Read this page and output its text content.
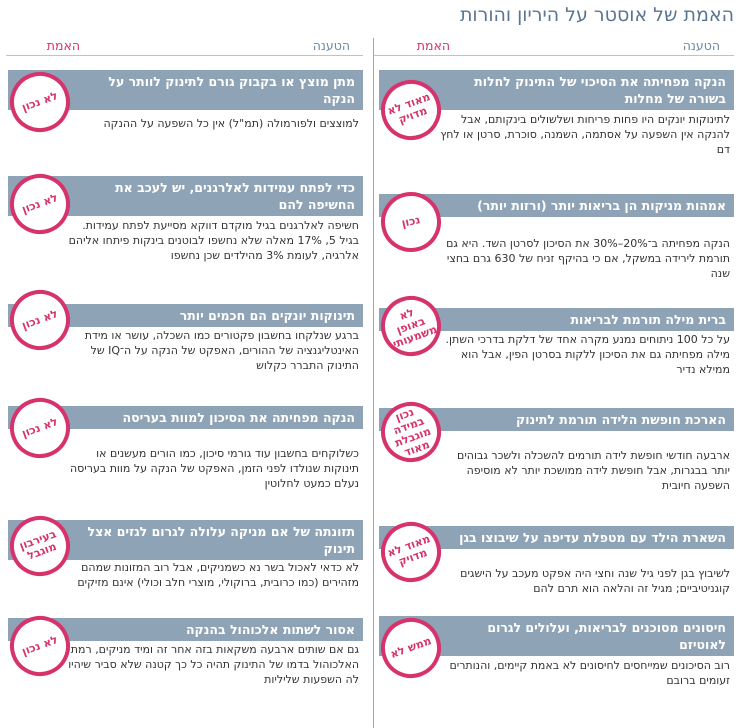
האמת של אוסטר על היריון והורות
הטענה
האמת
הטענה
האמת
הנקה מפחיתה את הסיכוי של התינוק לחלות בשורה של מחלות
לתינוקות יונקים היו פחות פריחות ושלשולים בינקותם, אבל להנקה אין השפעה על אסתמה, השמנה, סוכרת, סרטן או לחץ דם
מאוד לא מדויק
אמהות מניקות הן בריאות יותר (ורזות יותר)
הנקה מפחיתה ב־20%–30% את הסיכון לסרטן השד. היא גם תורמת לירידה במשקל, אם כי בהיקף זניח של 630 גרם בחצי שנה
נכון
ברית מילה תורמת לבריאות
על כל 100 ניתוחים נמנע מקרה אחד של דלקת בדרכי השתן. מילה מפחיתה גם את הסיכון ללקות בסרטן הפין, אבל הוא ממילא נדיר
לא באופן משמעותי
הארכת חופשת הלידה תורמת לתינוק
ארבעה חודשי חופשת לידה תורמים להשכלה ולשכר גבוהים יותר בבגרות, אבל חופשת לידה ממושכת יותר לא מוסיפה השפעה חיובית
נכון במידה מוגבלת מאוד
השארת הילד עם מטפלת עדיפה על שיבוצו בגן
לשיבוץ בגן לפני גיל שנה וחצי היה אפקט מעכב על הישגים קוגניטיביים; מגיל זה והלאה הוא תרם להם
מאוד לא מדויק
חיסונים מסוכנים לבריאות, ועלולים לגרום לאוטיזם
רוב הסיכונים שמייחסים לחיסונים לא באמת קיימים, והנותרים זעומים ברובם
ממש לא
מתן מוצץ או בקבוק גורם לתינוק לוותר על הנקה
למוצצים ולפורמולה (תמ"ל) אין כל השפעה על ההנקה
לא נכון
כדי לפתח עמידות לאלרגנים, יש לעכב את החשיפה להם
חשיפה לאלרגנים בגיל מוקדם דווקא מסייעת לפתח עמידות. בגיל 5, 17% מאלה שלא נחשפו לבוטנים בינקות פיתחו אליהם אלרגיה, לעומת 3% מהילדים שכן נחשפו
לא נכון
תינוקות יונקים הם חכמים יותר
ברגע שנלקחו בחשבון פקטורים כמו השכלה, עושר או מידת האינטליגנציה של ההורים, האפקט של הנקה על ה־IQ של התינוק התברר כקלוש
לא נכון
הנקה מפחיתה את הסיכון למוות בעריסה
כשלוקחים בחשבון עוד גורמי סיכון, כמו הורים מעשנים או תינוקות שנולדו לפני הזמן, האפקט של הנקה על מוות בעריסה נעלם כמעט לחלוטין
לא נכון
תזונתה של אם מניקה עלולה לגרום לגזים אצל תינוק
לא כדאי לאכול בשר נא כשמניקים, אבל רוב המזונות שמהם מזהירים (כמו כרובית, ברוקולי, מוצרי חלב וכולי) אינם מזיקים
בעירבון מוגבל
אסור לשתות אלכוהול בהנקה
גם אם שותים ארבעה משקאות בזה אחר זה ומיד מניקים, רמת האלכוהול בדמו של התינוק תהיה כל כך קטנה שלא סביר שיהיו לה השפעות שליליות
לא נכון
